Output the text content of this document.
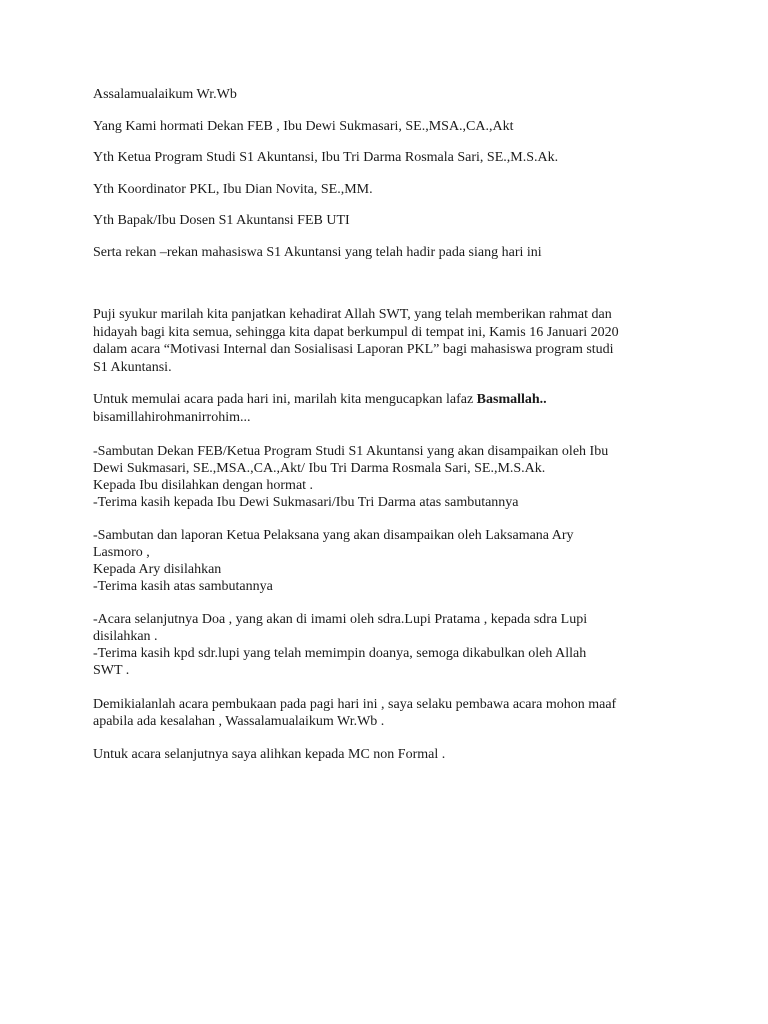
Assalamualaikum Wr.Wb
Yang Kami hormati Dekan FEB , Ibu Dewi Sukmasari, SE.,MSA.,CA.,Akt
Yth Ketua Program Studi S1 Akuntansi, Ibu Tri Darma Rosmala Sari, SE.,M.S.Ak.
Yth Koordinator PKL, Ibu Dian Novita, SE.,MM.
Yth Bapak/Ibu Dosen S1 Akuntansi FEB UTI
Serta rekan –rekan mahasiswa S1 Akuntansi yang telah hadir pada siang hari ini
Puji syukur marilah kita panjatkan kehadirat Allah SWT, yang telah memberikan rahmat dan
hidayah bagi kita semua, sehingga kita dapat berkumpul di tempat ini, Kamis 16 Januari 2020
dalam acara “Motivasi Internal dan Sosialisasi Laporan PKL” bagi mahasiswa program studi
S1 Akuntansi.
Untuk memulai acara pada hari ini, marilah kita mengucapkan lafaz Basmallah..
bisamillahirohmanirrohim...
-Sambutan Dekan FEB/Ketua Program Studi S1 Akuntansi yang akan disampaikan oleh Ibu
Dewi Sukmasari, SE.,MSA.,CA.,Akt/ Ibu Tri Darma Rosmala Sari, SE.,M.S.Ak.
Kepada Ibu disilahkan dengan hormat .
-Terima kasih kepada Ibu Dewi Sukmasari/Ibu Tri Darma atas sambutannya
-Sambutan dan laporan Ketua Pelaksana yang akan disampaikan oleh Laksamana Ary
Lasmoro ,
Kepada Ary disilahkan
-Terima kasih atas sambutannya
-Acara selanjutnya Doa , yang akan di imami oleh sdra.Lupi Pratama , kepada sdra Lupi
disilahkan .
-Terima kasih kpd sdr.lupi yang telah memimpin doanya, semoga dikabulkan oleh Allah
SWT .
Demikialanlah acara pembukaan pada pagi hari ini , saya selaku pembawa acara mohon maaf
apabila ada kesalahan , Wassalamualaikum Wr.Wb .
Untuk acara selanjutnya saya alihkan kepada MC non Formal .
